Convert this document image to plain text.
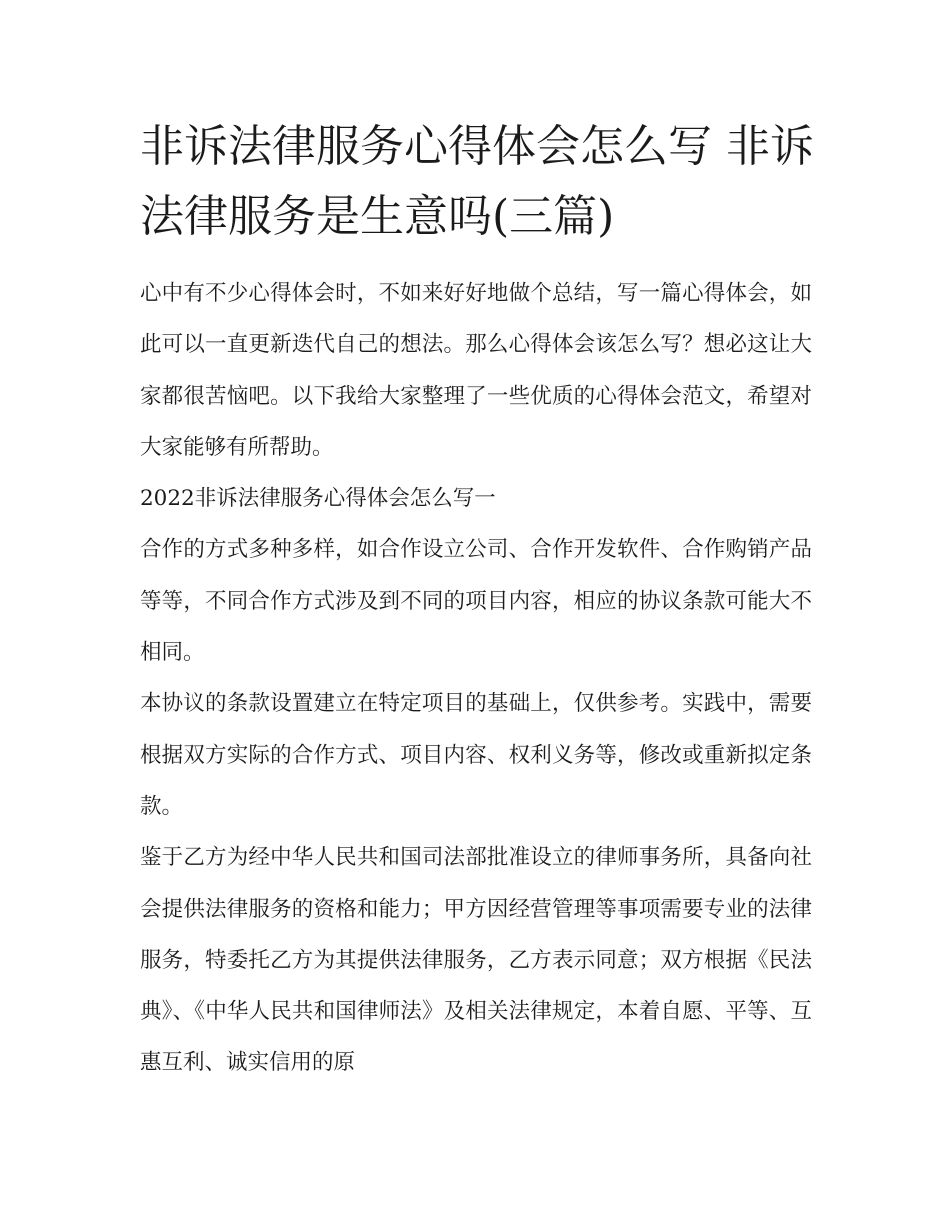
非诉法律服务心得体会怎么写 非诉法律服务是生意吗(三篇)

心中有不少心得体会时，不如来好好地做个总结，写一篇心得体会，如此可以一直更新迭代自己的想法。那么心得体会该怎么写？想必这让大家都很苦恼吧。以下我给大家整理了一些优质的心得体会范文，希望对大家能够有所帮助。

2022非诉法律服务心得体会怎么写一

合作的方式多种多样，如合作设立公司、合作开发软件、合作购销产品等等，不同合作方式涉及到不同的项目内容，相应的协议条款可能大不相同。

本协议的条款设置建立在特定项目的基础上，仅供参考。实践中，需要根据双方实际的合作方式、项目内容、权利义务等，修改或重新拟定条款。

鉴于乙方为经中华人民共和国司法部批准设立的律师事务所，具备向社会提供法律服务的资格和能力；甲方因经营管理等事项需要专业的法律服务，特委托乙方为其提供法律服务，乙方表示同意；双方根据《民法典》、《中华人民共和国律师法》及相关法律规定，本着自愿、平等、互惠互利、诚实信用的原
